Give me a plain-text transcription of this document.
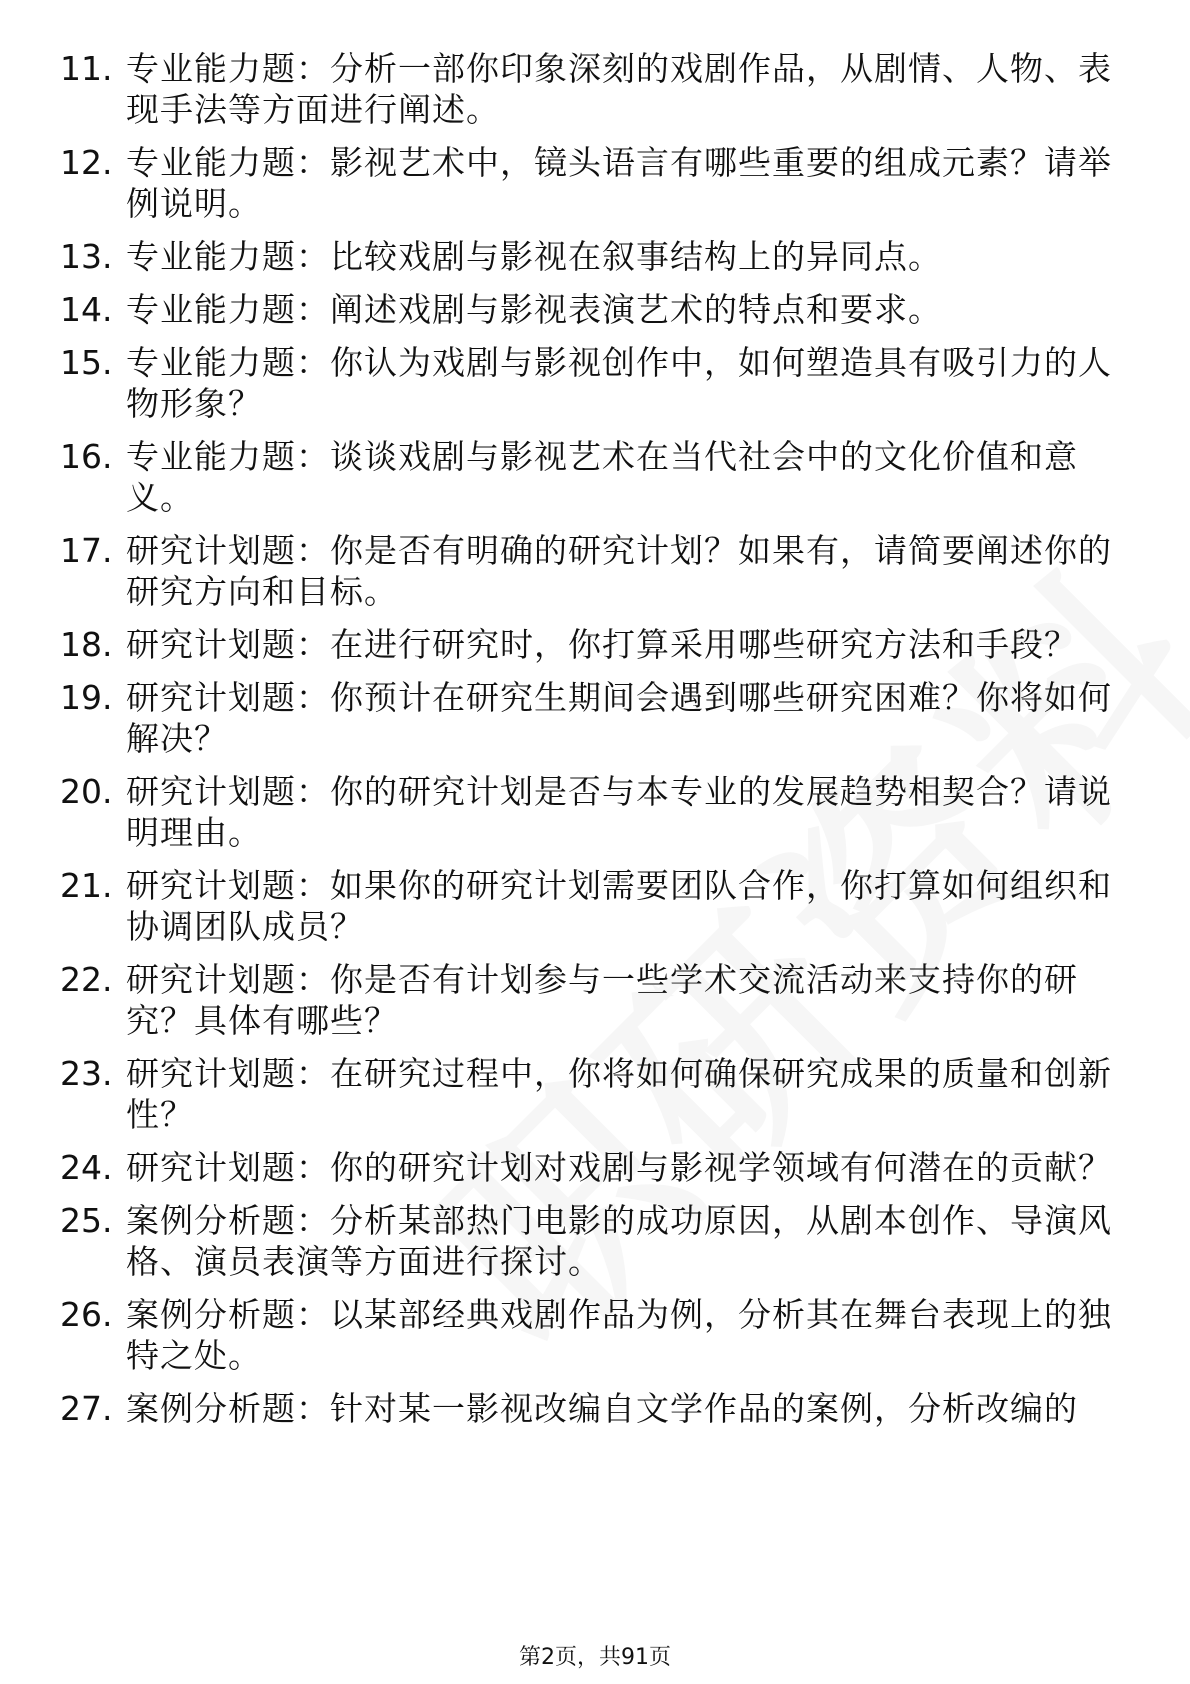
11. 专业能力题：分析一部你印象深刻的戏剧作品，从剧情、人物、表现手法等方面进行阐述。
12. 专业能力题：影视艺术中，镜头语言有哪些重要的组成元素？请举例说明。
13. 专业能力题：比较戏剧与影视在叙事结构上的异同点。
14. 专业能力题：阐述戏剧与影视表演艺术的特点和要求。
15. 专业能力题：你认为戏剧与影视创作中，如何塑造具有吸引力的人物形象？
16. 专业能力题：谈谈戏剧与影视艺术在当代社会中的文化价值和意义。
17. 研究计划题：你是否有明确的研究计划？如果有，请简要阐述你的研究方向和目标。
18. 研究计划题：在进行研究时，你打算采用哪些研究方法和手段？
19. 研究计划题：你预计在研究生期间会遇到哪些研究困难？你将如何解决？
20. 研究计划题：你的研究计划是否与本专业的发展趋势相契合？请说明理由。
21. 研究计划题：如果你的研究计划需要团队合作，你打算如何组织和协调团队成员？
22. 研究计划题：你是否有计划参与一些学术交流活动来支持你的研究？具体有哪些？
23. 研究计划题：在研究过程中，你将如何确保研究成果的质量和创新性？
24. 研究计划题：你的研究计划对戏剧与影视学领域有何潜在的贡献？
25. 案例分析题：分析某部热门电影的成功原因，从剧本创作、导演风格、演员表演等方面进行探讨。
26. 案例分析题：以某部经典戏剧作品为例，分析其在舞台表现上的独特之处。
27. 案例分析题：针对某一影视改编自文学作品的案例，分析改编的
第2页，共91页
